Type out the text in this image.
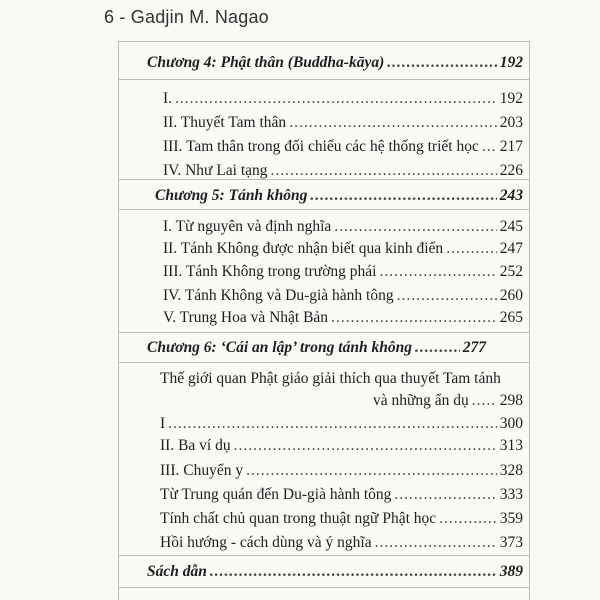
6 - Gadjin M. Nagao
Chương 4: Phật thân (Buddha-kāya) .....	192
I. .....	192
II. Thuyết Tam thân .....	203
III. Tam thân trong đối chiếu các hệ thống triết học ..... 217
IV. Như Lai tạng .....	226
Chương 5: Tánh không .....	243
I. Từ nguyên và định nghĩa .....	245
II. Tánh Không được nhận biết qua kinh điển .....	247
III. Tánh Không trong trường phái .....	252
IV. Tánh Không và Du-già hành tông .....	260
V. Trung Hoa và Nhật Bản .....	265
Chương 6: ‘Cái an lập’ trong tánh không .....	277
Thế giới quan Phật giáo giải thích qua thuyết Tam tánh
và những ẩn dụ ..... 298
I .....	300
II. Ba ví dụ .....	313
III. Chuyển y .....	328
Từ Trung quán đến Du-già hành tông .....	333
Tính chất chủ quan trong thuật ngữ Phật học .....	359
Hồi hướng - cách dùng và ý nghĩa .....	373
Sách dẫn .....	389
